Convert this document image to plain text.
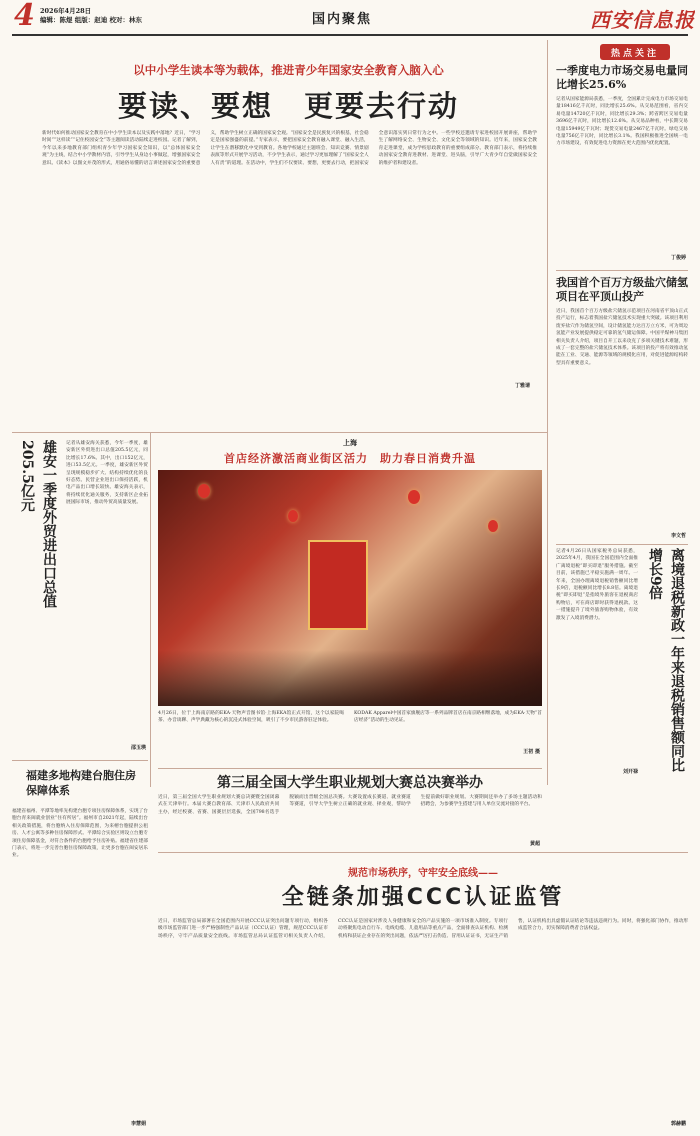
4 2026年4月28日
编辑：陈煜 组版：赵迪 校对：林东	国内聚焦	西安信息报
以中小学生读本等为载体，推进青少年国家安全教育入脑入心
要读、要想　更要去行动
新时代如何推动国家安全教育在中小学生读本以及实践中落地？近日，“学习时间”“这样读”“记住校园安全”等主题阅读活动陆续走进校园。记者了解到，今年以来多地教育部门组织青少年学习国家安全知识，以“总体国家安全观”为主线，结合中小学教材内容，引导学生从身边小事做起，增强国家安全意识。《读本》以图文并茂的形式，用通俗易懂的语言讲述国家安全的重要意义，帮助学生树立正确的国家安全观。“国家安全是民族复兴的根基，社会稳定是国家强盛的前提。”专家表示，要把国家安全教育融入课堂、融入生活，让学生在潜移默化中受到教育。各地学校通过主题班会、知识竞赛、情景剧表演等形式开展学习活动，不少学生表示，通过学习更加理解了“国家安全人人有责”的道理。在活动中，学生们不仅要读、要想，更要去行动，把国家安全意识落实到日常行为之中。一些学校还邀请专家进校园开展讲座，帮助学生了解网络安全、生物安全、文化安全等领域的知识。近年来，国家安全教育走进课堂，成为学校思政教育的重要组成部分。教育部门表示，将持续推动国家安全教育进教材、进课堂、进头脑，引导广大青少年自觉做国家安全的维护者和建设者。
丁雅请
热点关注
一季度电力市场交易电量同比增长25.6%
记者从国家能源局获悉，一季度，全国累计完成电力市场交易电量18416亿千瓦时，同比增长25.6%。从交易范围看，省内交易电量14720亿千瓦时，同比增长29.3%；跨省跨区交易电量3696亿千瓦时，同比增长12.6%。从交易品种看，中长期交易电量15949亿千瓦时；现货交易电量2467亿千瓦时。绿电交易电量756亿千瓦时，同比增长3.1%。我国积极推进全国统一电力市场建设，有效促进电力资源在更大范围内优化配置。
丁俊婷
我国首个百万方级盐穴储氢项目在平顶山投产
近日，我国首个百万方级盐穴储氢示范项目在河南省平顶山正式投产运行，标志着我国盐穴储氢技术实现重大突破。该项目利用废弃盐穴作为储氢空间，设计储氢能力达百万立方米，可为周边氢能产业发展提供稳定可靠的氢气储运保障。中国平煤神马集团相关负责人介绍，项目自开工以来攻克了多项关键技术难题，形成了一套完整的盐穴储氢技术体系。该项目的投产将有效推动氢能在工业、交通、能源等领域的规模化应用，对促进能源结构转型具有重要意义。
李文哲
记者4月26日从国家税务总局获悉，2025年4月，我国在全国范围内全面推广离境退税“即买即退”服务措施。截至目前，该措施已平稳实施满一周年。一年来，全国办理离境退税销售额同比增长9倍，退税额同比增长8.8倍。离境退税“即买即退”是指境外旅客在退税商店购物后，可在商店即时获得退税款。这一措施提升了境外旅客购物体验，有效激发了入境消费潜力。	离境退税新政一年来退税销售额同比增长9倍
刘开禄
雄安一季度外贸进出口总值205.5亿元	记者从雄安海关获悉，今年一季度，雄安新区外贸进出口总值205.5亿元，同比增长17.6%。其中，出口152亿元，进口53.5亿元。一季度，雄安新区外贸呈现规模稳步扩大、结构持续优化的良好态势。民营企业进出口保持活跃，机电产品出口增长较快。雄安海关表示，将持续优化通关服务，支持新区企业拓展国际市场，推动外贸高质量发展。
邵玉瑛
福建多地构建台胞住房保障体系
福建省福州、平潭等地率先构建台胞专项住房保障体系，实现了台胞台青来闽就业创业“住有所居”。福州市自2021年起，陆续出台相关政策措施，将台胞纳入住房保障范围，为来榕台胞提供公租房、人才公寓等多种住房保障形式。平潭综合实验区则设立台胞专项住房保障基金，对符合条件的台胞给予住房补贴。福建省住建部门表示，将进一步完善台胞住房保障政策，让更多台胞在闽安居乐业。
李慧娟
上海
首店经济激活商业街区活力　助力春日消费升温
4月26日，位于上海南京路的EKA·天物声音图书馆·上海EKA馆正式开馆，这个以家院喝茶、办音谈聊、声学典藏为核心的沉浸式体验空间，吸引了不少市民游客驻足体验。
KODAK Apparel中国首家旗舰店等一系列品牌首店在南京路相继落地，成为EKA·天物“首店经济”活动的生动见证。
王初 摄
第三届全国大学生职业规划大赛总决赛举办
近日，第三届全国大学生职业规划大赛总决赛暨全国闭幕式在天津举行。本届大赛自教育部、天津市人民政府共同主办，经过校赛、省赛、国赛层层选拔，全国798名选手脱颖而出晋级全国总决赛。大赛设置成长赛道、就业赛道等赛道，引导大学生树立正确的就业观、择业观，帮助学生提前做好职业规划。大赛期间还举办了多场主题活动和招聘会，为参赛学生搭建与用人单位交流对接的平台。
黄超
规范市场秩序，守牢安全底线——
全链条加强CCC认证监管
近日，市场监管总局部署在全国范围内开展CCC认证突出问题专项行动，组织各级市场监管部门进一步严格强制性产品认证（CCC认证）管理，规范CCC认证市场秩序，守牢产品质量安全底线。市场监管总局认证监管司相关负责人介绍，CCC认证是国家对涉及人身健康和安全的产品实施的一项市场准入制度。专项行动将聚焦电动自行车、电线电缆、儿童用品等重点产品，全面排查认证机构、检测机构和获证企业存在的突出问题，依法严厉打击伪造、冒用认证证书，无证生产销售，认证机构出具虚假认证结论等违法违规行为。同时，将强化部门协作，推动形成监管合力，切实保障消费者合法权益。
郭赫鹏
